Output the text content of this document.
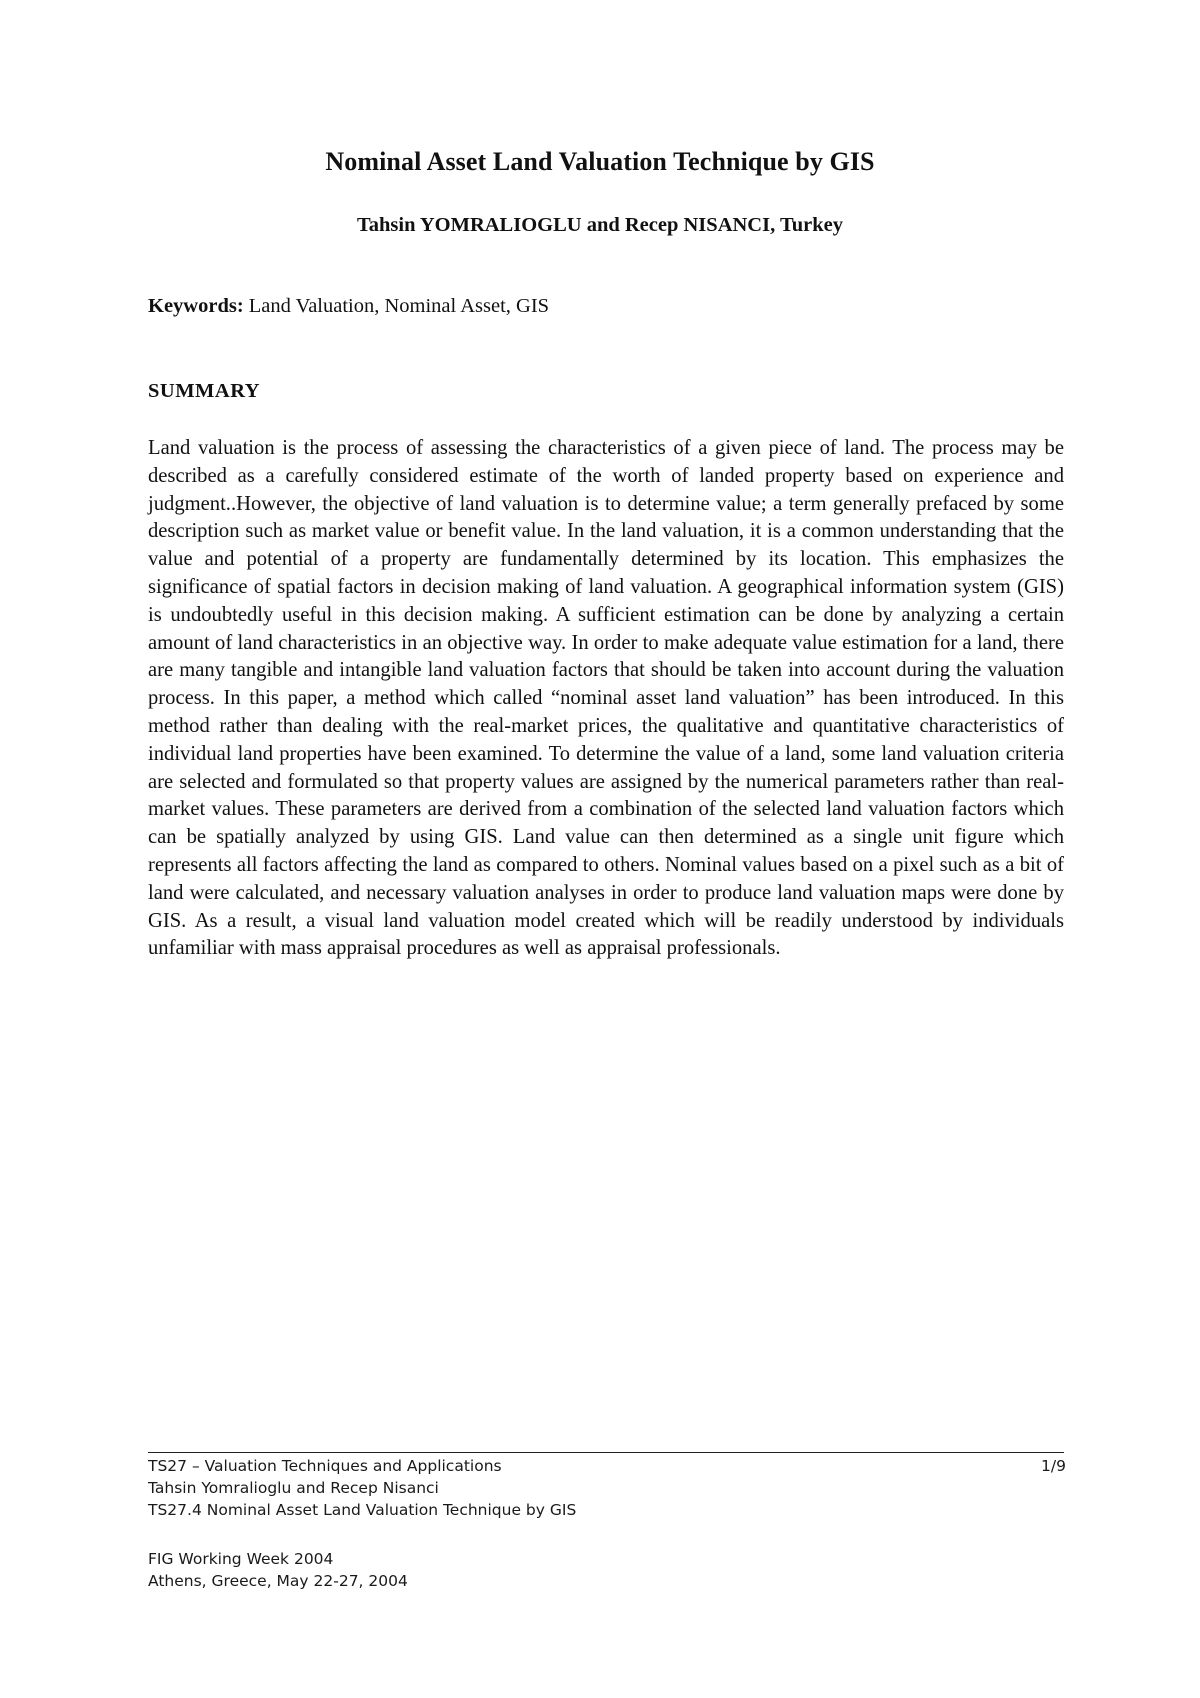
Nominal Asset Land Valuation Technique by GIS
Tahsin YOMRALIOGLU and Recep NISANCI, Turkey
Keywords: Land Valuation, Nominal Asset, GIS
SUMMARY
Land valuation is the process of assessing the characteristics of a given piece of land. The process may be described as a carefully considered estimate of the worth of landed property based on experience and judgment..However, the objective of land valuation is to determine value; a term generally prefaced by some description such as market value or benefit value. In the land valuation, it is a common understanding that the value and potential of a property are fundamentally determined by its location. This emphasizes the significance of spatial factors in decision making of land valuation. A geographical information system (GIS) is undoubtedly useful in this decision making. A sufficient estimation can be done by analyzing a certain amount of land characteristics in an objective way. In order to make adequate value estimation for a land, there are many tangible and intangible land valuation factors that should be taken into account during the valuation process. In this paper, a method which called “nominal asset land valuation” has been introduced. In this method rather than dealing with the real-market prices, the qualitative and quantitative characteristics of individual land properties have been examined. To determine the value of a land, some land valuation criteria are selected and formulated so that property values are assigned by the numerical parameters rather than real-market values. These parameters are derived from a combination of the selected land valuation factors which can be spatially analyzed by using GIS. Land value can then determined as a single unit figure which represents all factors affecting the land as compared to others. Nominal values based on a pixel such as a bit of land were calculated, and necessary valuation analyses in order to produce land valuation maps were done by GIS. As a result, a visual land valuation model created which will be readily understood by individuals unfamiliar with mass appraisal procedures as well as appraisal professionals.
TS27 – Valuation Techniques and Applications
Tahsin Yomralioglu and Recep Nisanci
TS27.4 Nominal Asset Land Valuation Technique by GIS
1/9
FIG Working Week 2004
Athens, Greece, May 22-27, 2004
